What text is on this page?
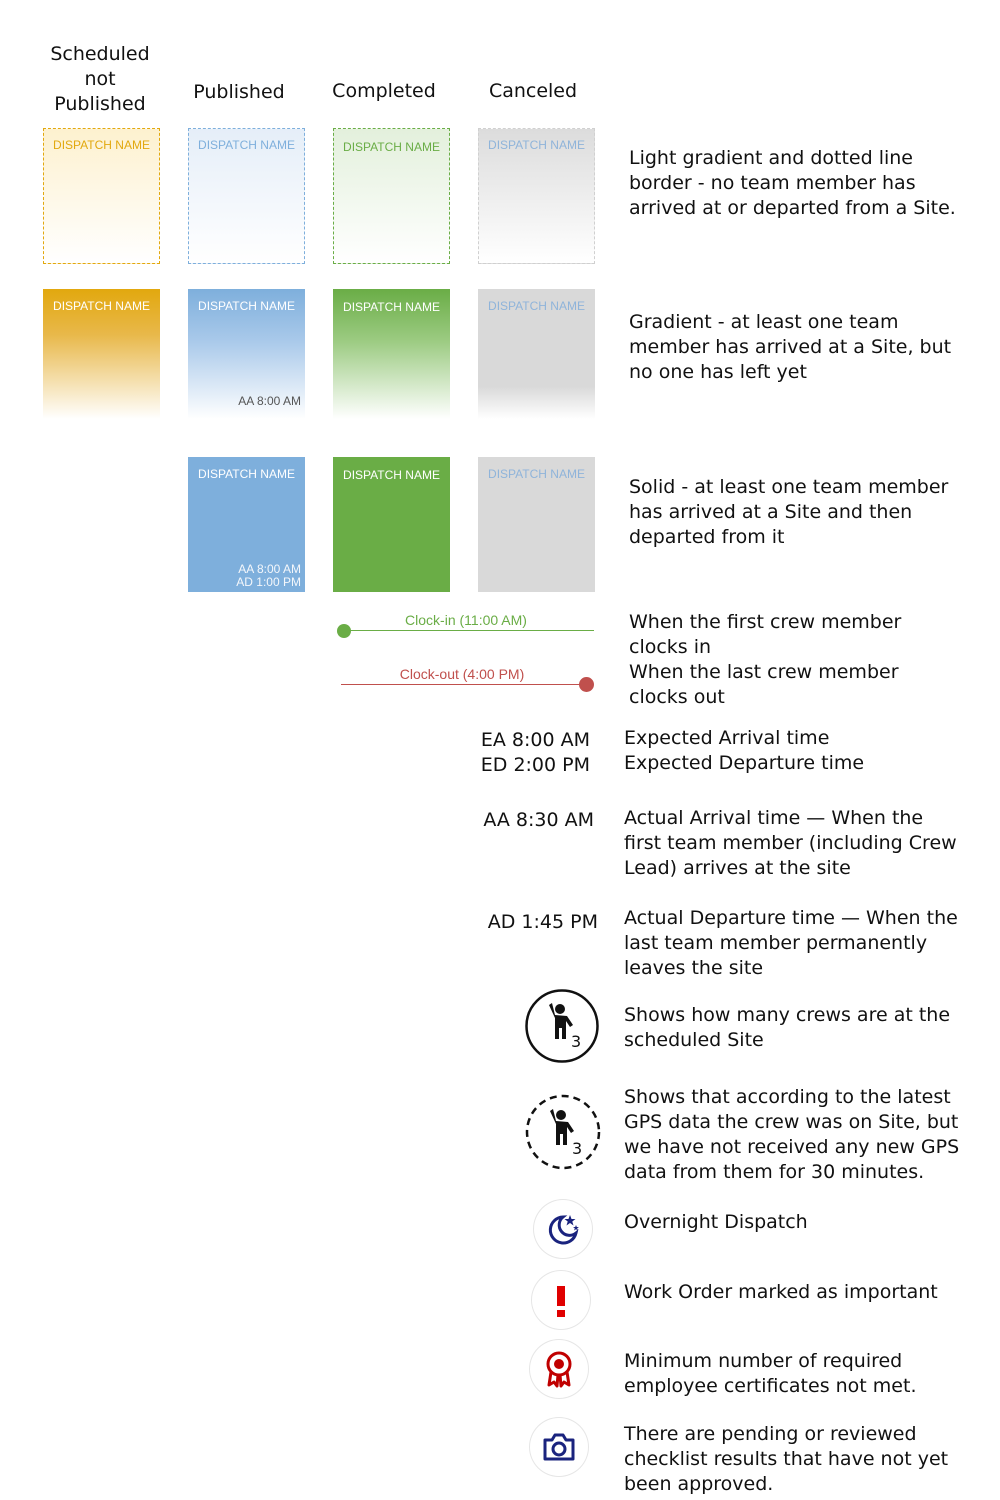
Scheduled not Published
Published	Completed	Canceled
DISPATCH NAME	DISPATCH NAME	DISPATCH NAME	DISPATCH NAME
Light gradient and dotted line border - no team member has arrived at or departed from a Site.
DISPATCH NAME	DISPATCH NAME
AA 8:00 AM
DISPATCH NAME	DISPATCH NAME
Gradient - at least one team member has arrived at a Site, but no one has left yet
DISPATCH NAME
AA 8:00 AM
AD 1:00 PM
DISPATCH NAME	DISPATCH NAME
Solid - at least one team member has arrived at a Site and then departed from it
Clock-in (11:00 AM)
Clock-out (4:00 PM)
When the first crew member clocks in
When the last crew member clocks out
EA 8:00 AM
ED 2:00 PM
Expected Arrival time
Expected Departure time
AA 8:30 AM Actual Arrival time — When the first team member (including Crew Lead) arrives at the site
AD 1:45 PM Actual Departure time — When the last team member permanently leaves the site
3
Shows how many crews are at the scheduled Site
3
Shows that according to the latest GPS data the crew was on Site, but we have not received any new GPS data from them for 30 minutes.
Overnight Dispatch
Work Order marked as important
Minimum number of required employee certificates not met.
There are pending or reviewed checklist results that have not yet been approved.
